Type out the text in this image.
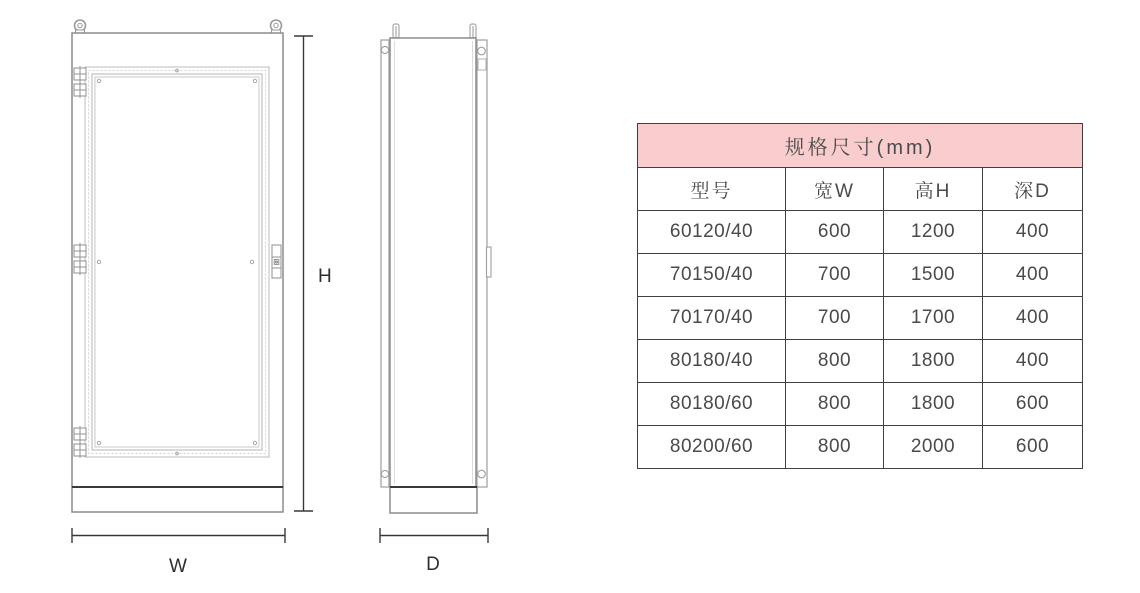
H
W	D
规格尺寸(mm)			
型号	宽W	高H	深D
60120/40	600	1200	400
70150/40	700	1500	400
70170/40	700	1700	400
80180/40	800	1800	400
80180/60	800	1800	600
80200/60	800	2000	600
